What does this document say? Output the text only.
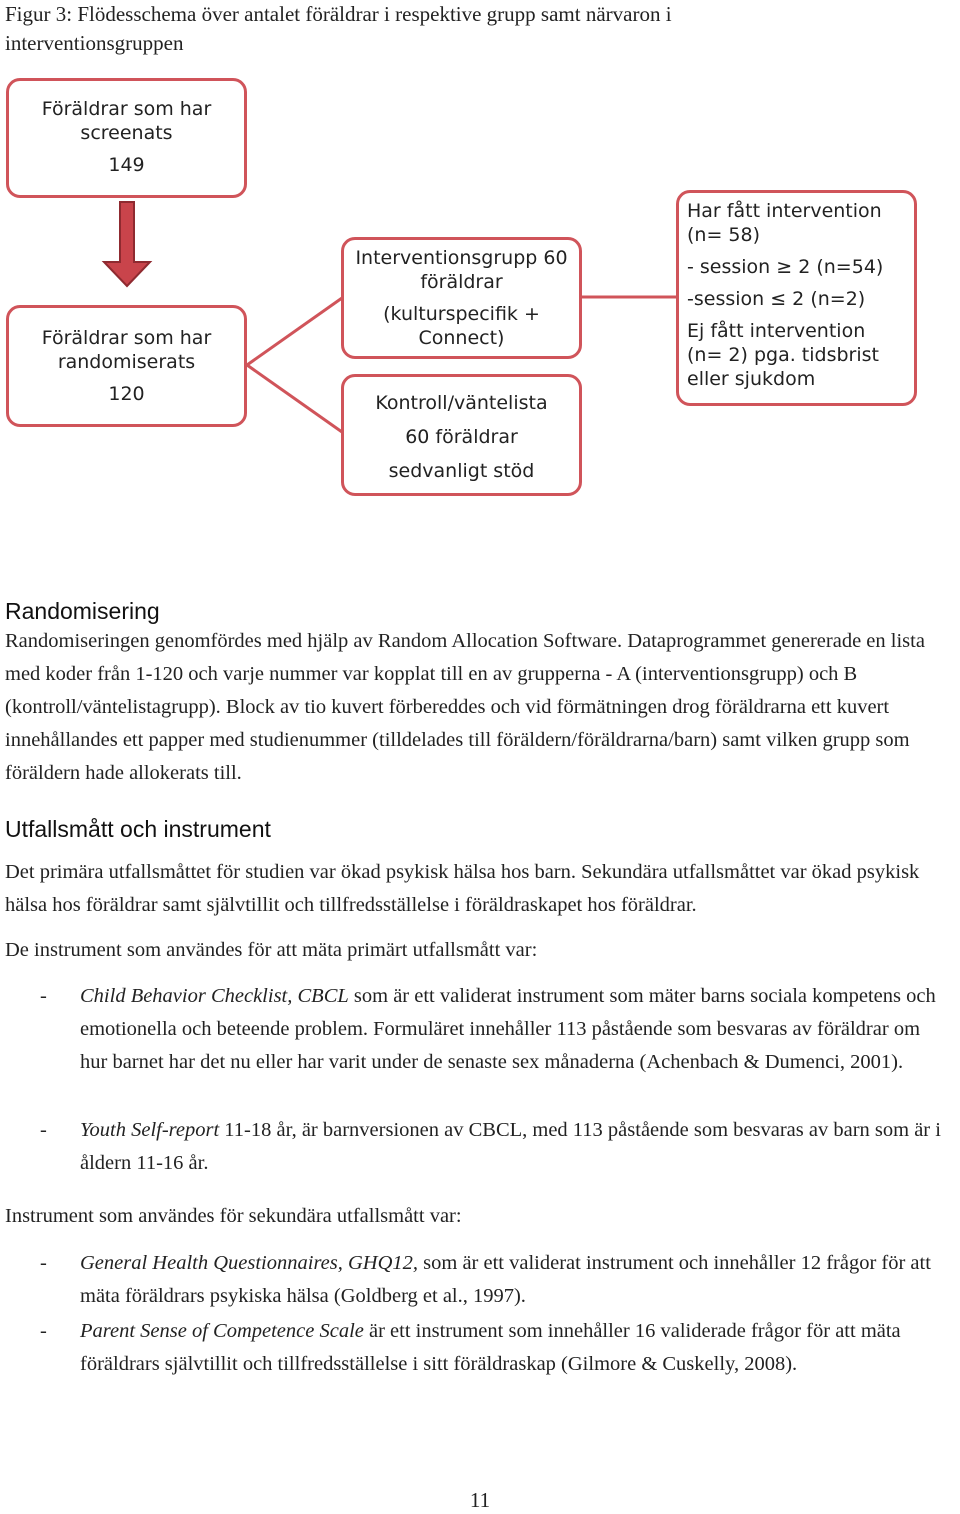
Figur 3: Flödesschema över antalet föräldrar i respektive grupp samt närvaron i
interventionsgruppen
Föräldrar som har
screenats
149
Föräldrar som har
randomiserats
120
Interventionsgrupp 60
föräldrar
(kulturspecifik +
Connect)
Kontroll/väntelista
60 föräldrar
sedvanligt stöd
Har fått intervention
(n= 58)
- session ≥ 2 (n=54)
-session ≤ 2 (n=2)
Ej fått intervention
(n= 2) pga. tidsbrist
eller sjukdom
Randomisering
Randomiseringen genomfördes med hjälp av Random Allocation Software. Dataprogrammet genererade en lista med koder från 1-120 och varje nummer var kopplat till en av grupperna - A (interventionsgrupp) och B (kontroll/väntelistagrupp). Block av tio kuvert förbereddes och vid förmätningen drog föräldrarna ett kuvert innehållandes ett papper med studienummer (tilldelades till föräldern/föräldrarna/barn) samt vilken grupp som föräldern hade allokerats till.
Utfallsmått och instrument
Det primära utfallsmåttet för studien var ökad psykisk hälsa hos barn. Sekundära utfallsmåttet var ökad psykisk hälsa hos föräldrar samt självtillit och tillfredsställelse i föräldraskapet hos föräldrar.
De instrument som användes för att mäta primärt utfallsmått var:
- Child Behavior Checklist, CBCL som är ett validerat instrument som mäter barns sociala kompetens och emotionella och beteende problem. Formuläret innehåller 113 påstående som besvaras av föräldrar om hur barnet har det nu eller har varit under de senaste sex månaderna (Achenbach & Dumenci, 2001).
- Youth Self-report 11-18 år, är barnversionen av CBCL, med 113 påstående som besvaras av barn som är i åldern 11-16 år.
Instrument som användes för sekundära utfallsmått var:
- General Health Questionnaires, GHQ12, som är ett validerat instrument och innehåller 12 frågor för att mäta föräldrars psykiska hälsa (Goldberg et al., 1997).
- Parent Sense of Competence Scale är ett instrument som innehåller 16 validerade frågor för att mäta föräldrars självtillit och tillfredsställelse i sitt föräldraskap (Gilmore & Cuskelly, 2008).
11
